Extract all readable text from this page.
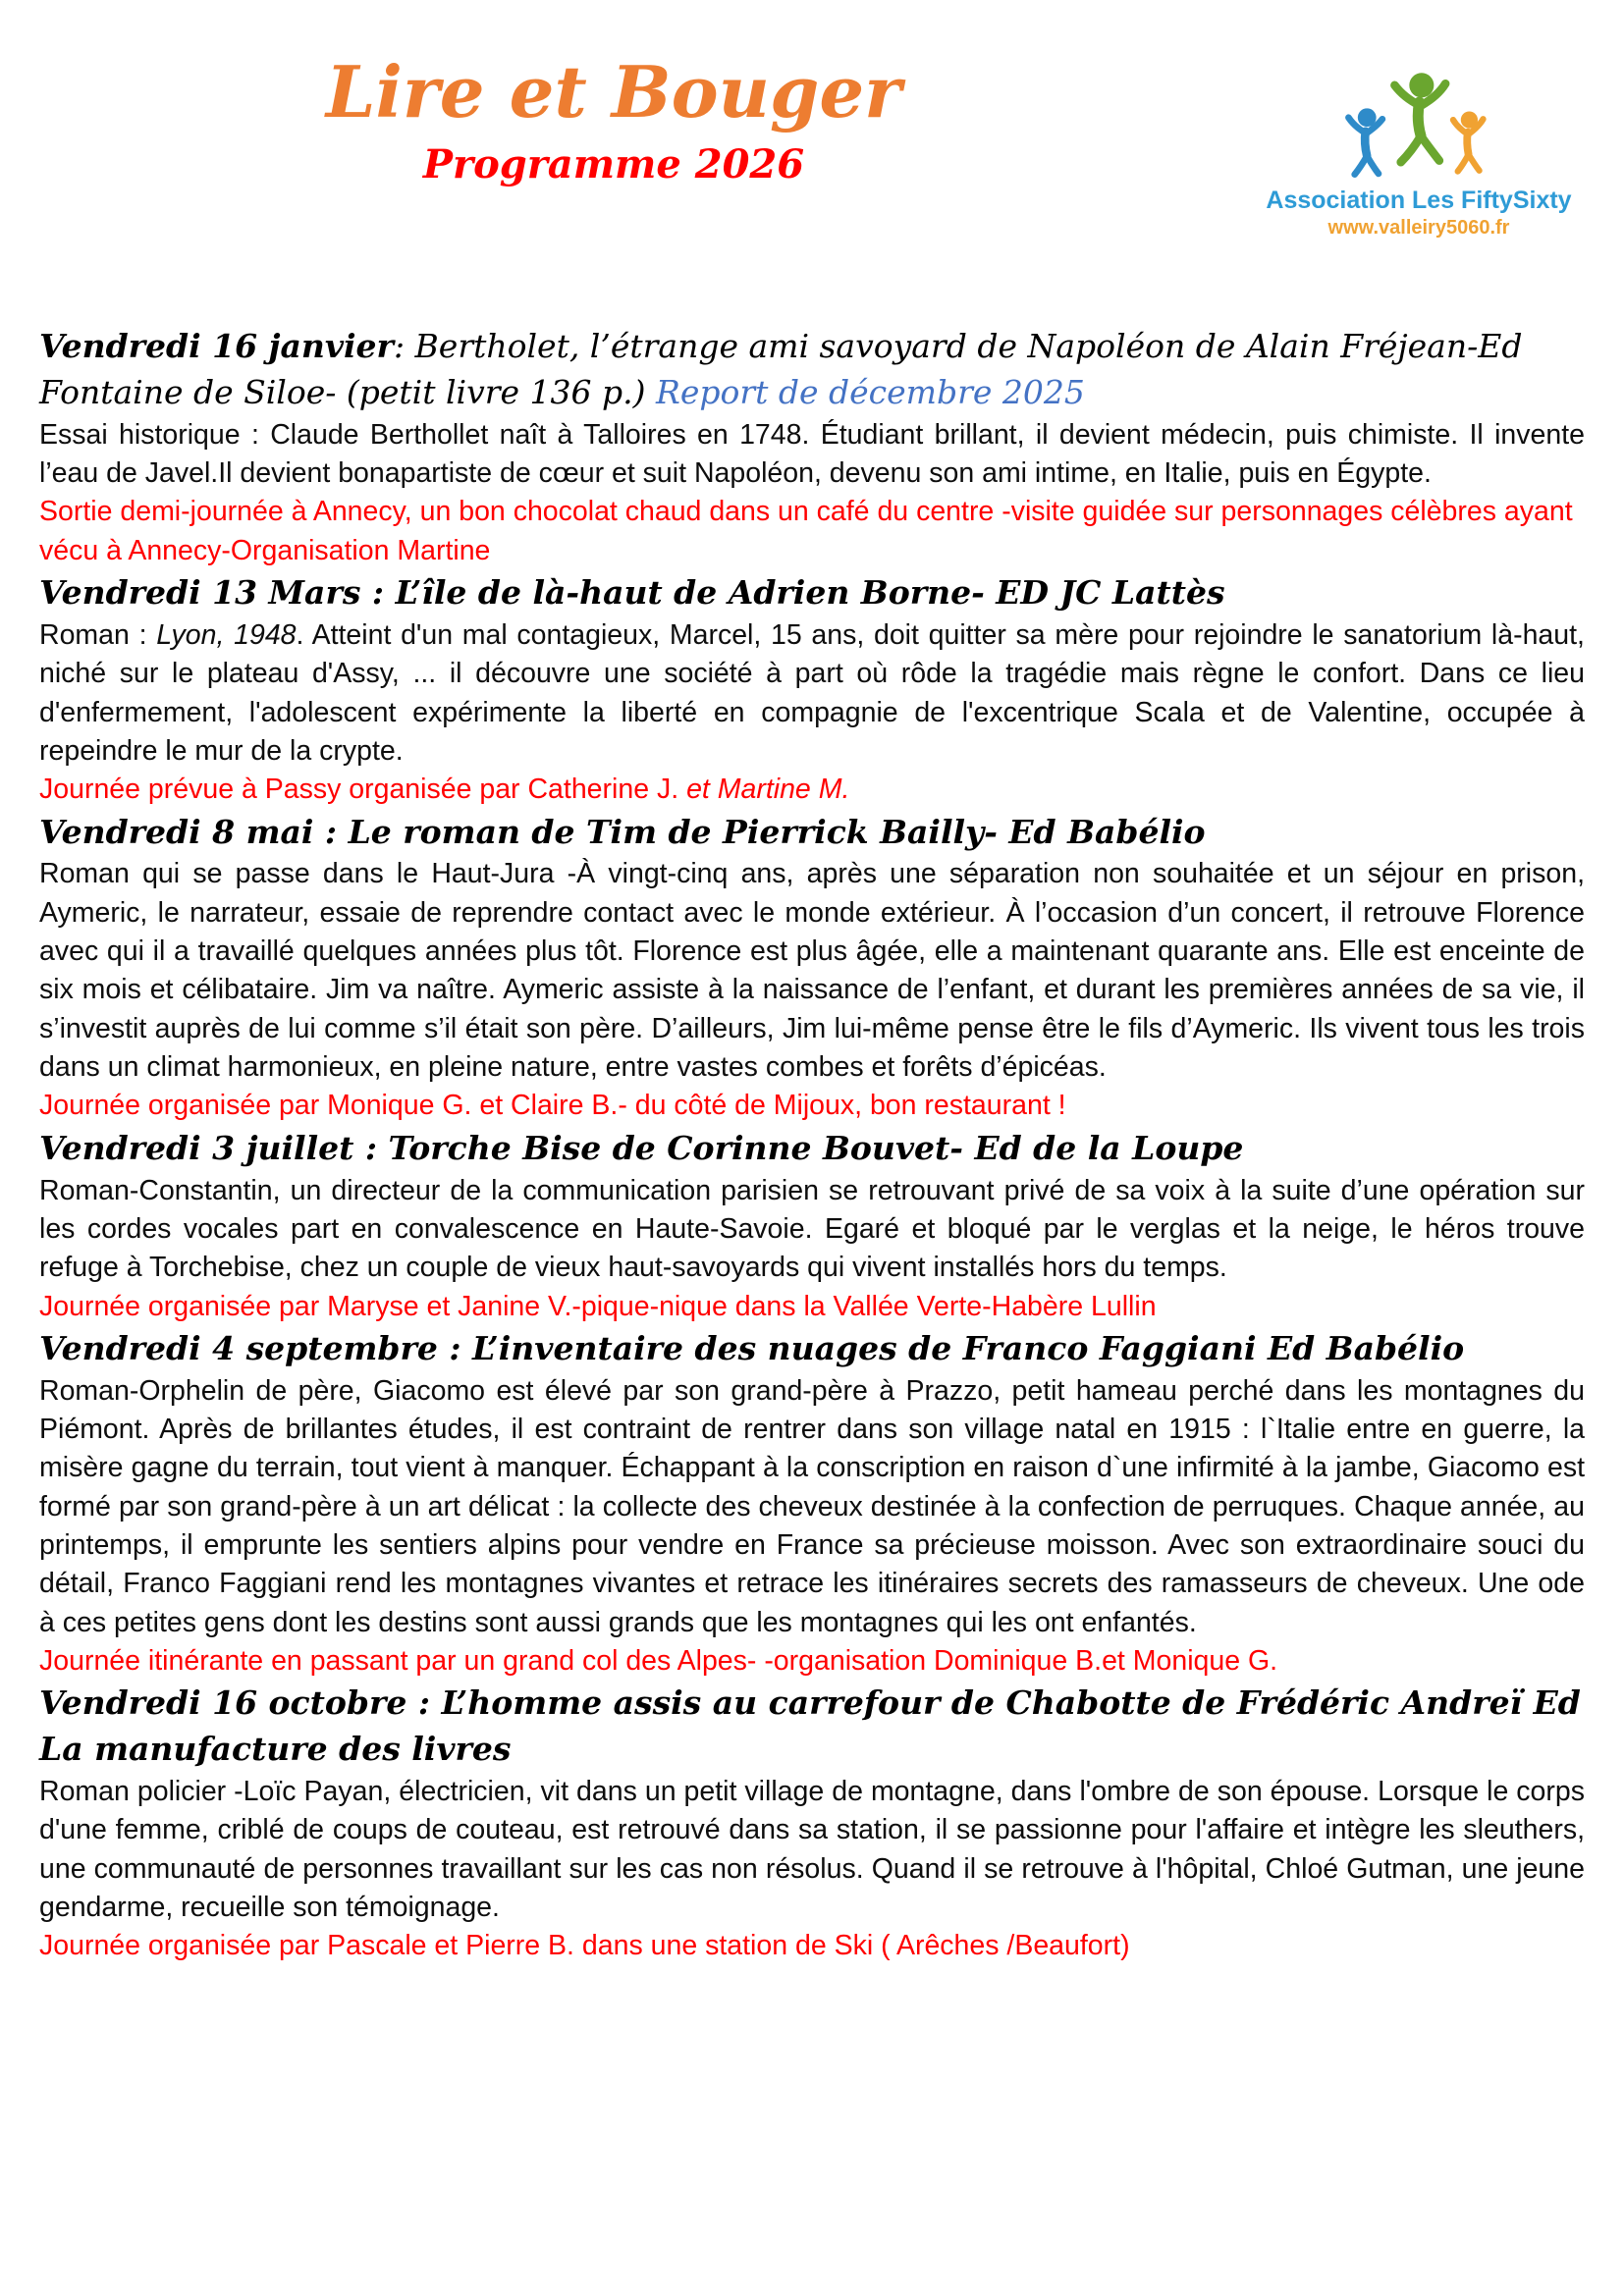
Lire et Bouger
Programme 2026
Association Les FiftySixty
www.valleiry5060.fr
Vendredi 16 janvier: Bertholet, l’étrange ami savoyard de Napoléon de Alain Fréjean-Ed Fontaine de Siloe- (petit livre 136 p.) Report de décembre 2025

Essai historique : Claude Berthollet naît à Talloires en 1748. Étudiant brillant, il devient médecin, puis chimiste. Il invente l’eau de Javel.Il devient bonapartiste de cœur et suit Napoléon, devenu son ami intime, en Italie, puis en Égypte.

Sortie demi-journée à Annecy, un bon chocolat chaud dans un café du centre -visite guidée sur personnages célèbres ayant vécu à Annecy-Organisation Martine

Vendredi 13 Mars : L’île de là-haut de Adrien Borne- ED JC Lattès

Roman : Lyon, 1948. Atteint d'un mal contagieux, Marcel, 15 ans, doit quitter sa mère pour rejoindre le sanatorium là-haut, niché sur le plateau d'Assy, ... il découvre une société à part où rôde la tragédie mais règne le confort. Dans ce lieu d'enfermement, l'adolescent expérimente la liberté en compagnie de l'excentrique Scala et de Valentine, occupée à repeindre le mur de la crypte.

Journée prévue à Passy organisée par Catherine J. et Martine M.

Vendredi 8 mai : Le roman de Tim de Pierrick Bailly- Ed Babélio

Roman qui se passe dans le Haut-Jura -À vingt-cinq ans, après une séparation non souhaitée et un séjour en prison, Aymeric, le narrateur, essaie de reprendre contact avec le monde extérieur. À l’occasion d’un concert, il retrouve Florence avec qui il a travaillé quelques années plus tôt. Florence est plus âgée, elle a maintenant quarante ans. Elle est enceinte de six mois et célibataire. Jim va naître. Aymeric assiste à la naissance de l’enfant, et durant les premières années de sa vie, il s’investit auprès de lui comme s’il était son père. D’ailleurs, Jim lui-même pense être le fils d’Aymeric. Ils vivent tous les trois dans un climat harmonieux, en pleine nature, entre vastes combes et forêts d’épicéas.

Journée organisée par Monique G. et Claire B.- du côté de Mijoux, bon restaurant !

Vendredi 3 juillet : Torche Bise de Corinne Bouvet- Ed de la Loupe

Roman-Constantin, un directeur de la communication parisien se retrouvant privé de sa voix à la suite d’une opération sur les cordes vocales part en convalescence en Haute-Savoie. Egaré et bloqué par le verglas et la neige, le héros trouve refuge à Torchebise, chez un couple de vieux haut-savoyards qui vivent installés hors du temps.

Journée organisée par Maryse et Janine V.-pique-nique dans la Vallée Verte-Habère Lullin

Vendredi 4 septembre : L’inventaire des nuages de Franco Faggiani Ed Babélio

Roman-Orphelin de père, Giacomo est élevé par son grand-père à Prazzo, petit hameau perché dans les montagnes du Piémont. Après de brillantes études, il est contraint de rentrer dans son village natal en 1915 : l`Italie entre en guerre, la misère gagne du terrain, tout vient à manquer. Échappant à la conscription en raison d`une infirmité à la jambe, Giacomo est formé par son grand-père à un art délicat : la collecte des cheveux destinée à la confection de perruques. Chaque année, au printemps, il emprunte les sentiers alpins pour vendre en France sa précieuse moisson. Avec son extraordinaire souci du détail, Franco Faggiani rend les montagnes vivantes et retrace les itinéraires secrets des ramasseurs de cheveux. Une ode à ces petites gens dont les destins sont aussi grands que les montagnes qui les ont enfantés.

Journée itinérante en passant par un grand col des Alpes- -organisation Dominique B.et Monique G.

Vendredi 16 octobre : L’homme assis au carrefour de Chabotte de Frédéric Andreï Ed La manufacture des livres

Roman policier -Loïc Payan, électricien, vit dans un petit village de montagne, dans l'ombre de son épouse. Lorsque le corps d'une femme, criblé de coups de couteau, est retrouvé dans sa station, il se passionne pour l'affaire et intègre les sleuthers, une communauté de personnes travaillant sur les cas non résolus. Quand il se retrouve à l'hôpital, Chloé Gutman, une jeune gendarme, recueille son témoignage.

Journée organisée par Pascale et Pierre B. dans une station de Ski ( Arêches /Beaufort)
